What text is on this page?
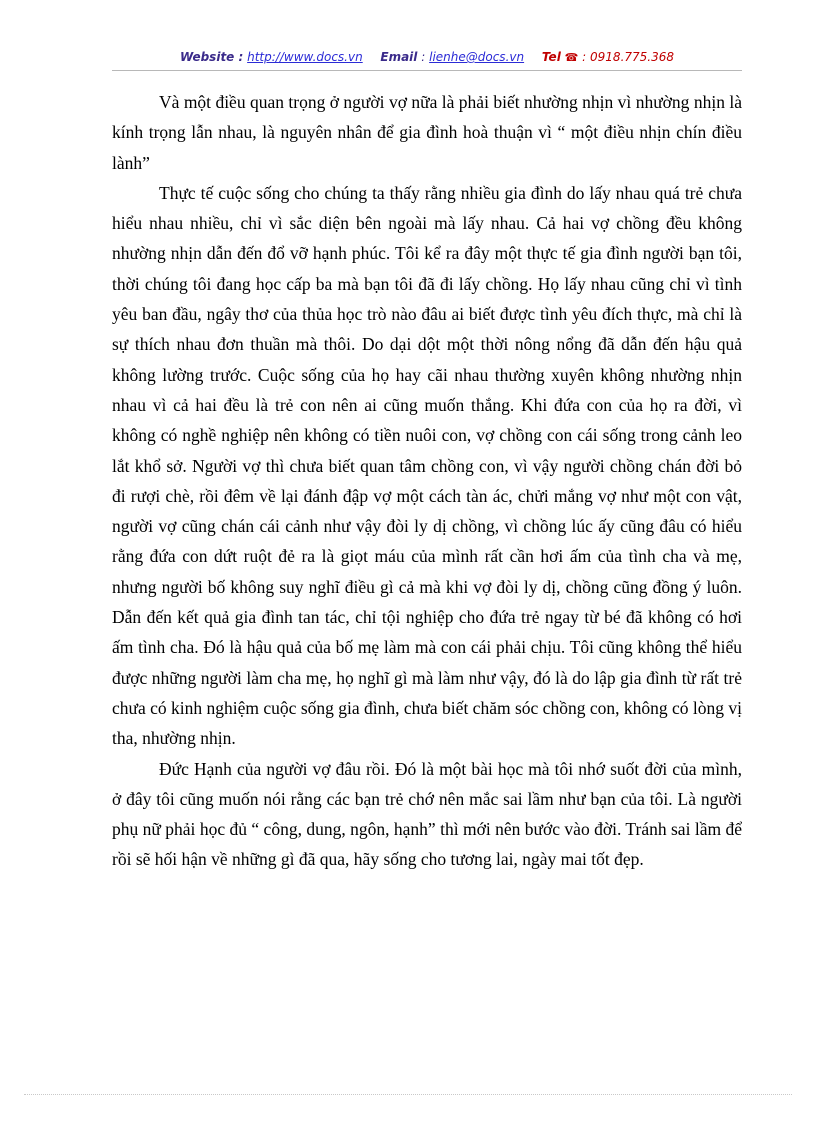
Website : http://www.docs.vn Email : lienhe@docs.vn Tel ☎ : 0918.775.368

Và một điều quan trọng ở người vợ nữa là phải biết nhường nhịn vì nhường nhịn là kính trọng lẫn nhau, là nguyên nhân để gia đình hoà thuận vì “ một điều nhịn chín điều lành”

Thực tế cuộc sống cho chúng ta thấy rằng nhiều gia đình do lấy nhau quá trẻ chưa hiểu nhau nhiều, chỉ vì sắc diện bên ngoài mà lấy nhau. Cả hai vợ chồng đều không nhường nhịn dẫn đến đổ vỡ hạnh phúc. Tôi kể ra đây một thực tế gia đình người bạn tôi, thời chúng tôi đang học cấp ba mà bạn tôi đã đi lấy chồng. Họ lấy nhau cũng chỉ vì tình yêu ban đầu, ngây thơ của thủa học trò nào đâu ai biết được tình yêu đích thực, mà chỉ là sự thích nhau đơn thuần mà thôi. Do dại dột một thời nông nổng đã dẫn đến hậu quả không lường trước. Cuộc sống của họ hay cãi nhau thường xuyên không nhường nhịn nhau vì cả hai đều là trẻ con nên ai cũng muốn thắng. Khi đứa con của họ ra đời, vì không có nghề nghiệp nên không có tiền nuôi con, vợ chồng con cái sống trong cảnh leo lắt khổ sở. Người vợ thì chưa biết quan tâm chồng con, vì vậy người chồng chán đời bỏ đi rượi chè, rồi đêm về lại đánh đập vợ một cách tàn ác, chửi mắng vợ như một con vật, người vợ cũng chán cái cảnh như vậy đòi ly dị chồng, vì chồng lúc ấy cũng đâu có hiểu rằng đứa con dứt ruột đẻ ra là giọt máu của mình rất cần hơi ấm của tình cha và mẹ, nhưng người bố không suy nghĩ điều gì cả mà khi vợ đòi ly dị, chồng cũng đồng ý luôn. Dẫn đến kết quả gia đình tan tác, chỉ tội nghiệp cho đứa trẻ ngay từ bé đã không có hơi ấm tình cha. Đó là hậu quả của bố mẹ làm mà con cái phải chịu. Tôi cũng không thể hiểu được những người làm cha mẹ, họ nghĩ gì mà làm như vậy, đó là do lập gia đình từ rất trẻ chưa có kinh nghiệm cuộc sống gia đình, chưa biết chăm sóc chồng con, không có lòng vị tha, nhường nhịn.

Đức Hạnh của người vợ đâu rồi. Đó là một bài học mà tôi nhớ suốt đời của mình, ở đây tôi cũng muốn nói rằng các bạn trẻ chớ nên mắc sai lầm như bạn của tôi. Là người phụ nữ phải học đủ “ công, dung, ngôn, hạnh” thì mới nên bước vào đời. Tránh sai lầm để rồi sẽ hối hận về những gì đã qua, hãy sống cho tương lai, ngày mai tốt đẹp.
